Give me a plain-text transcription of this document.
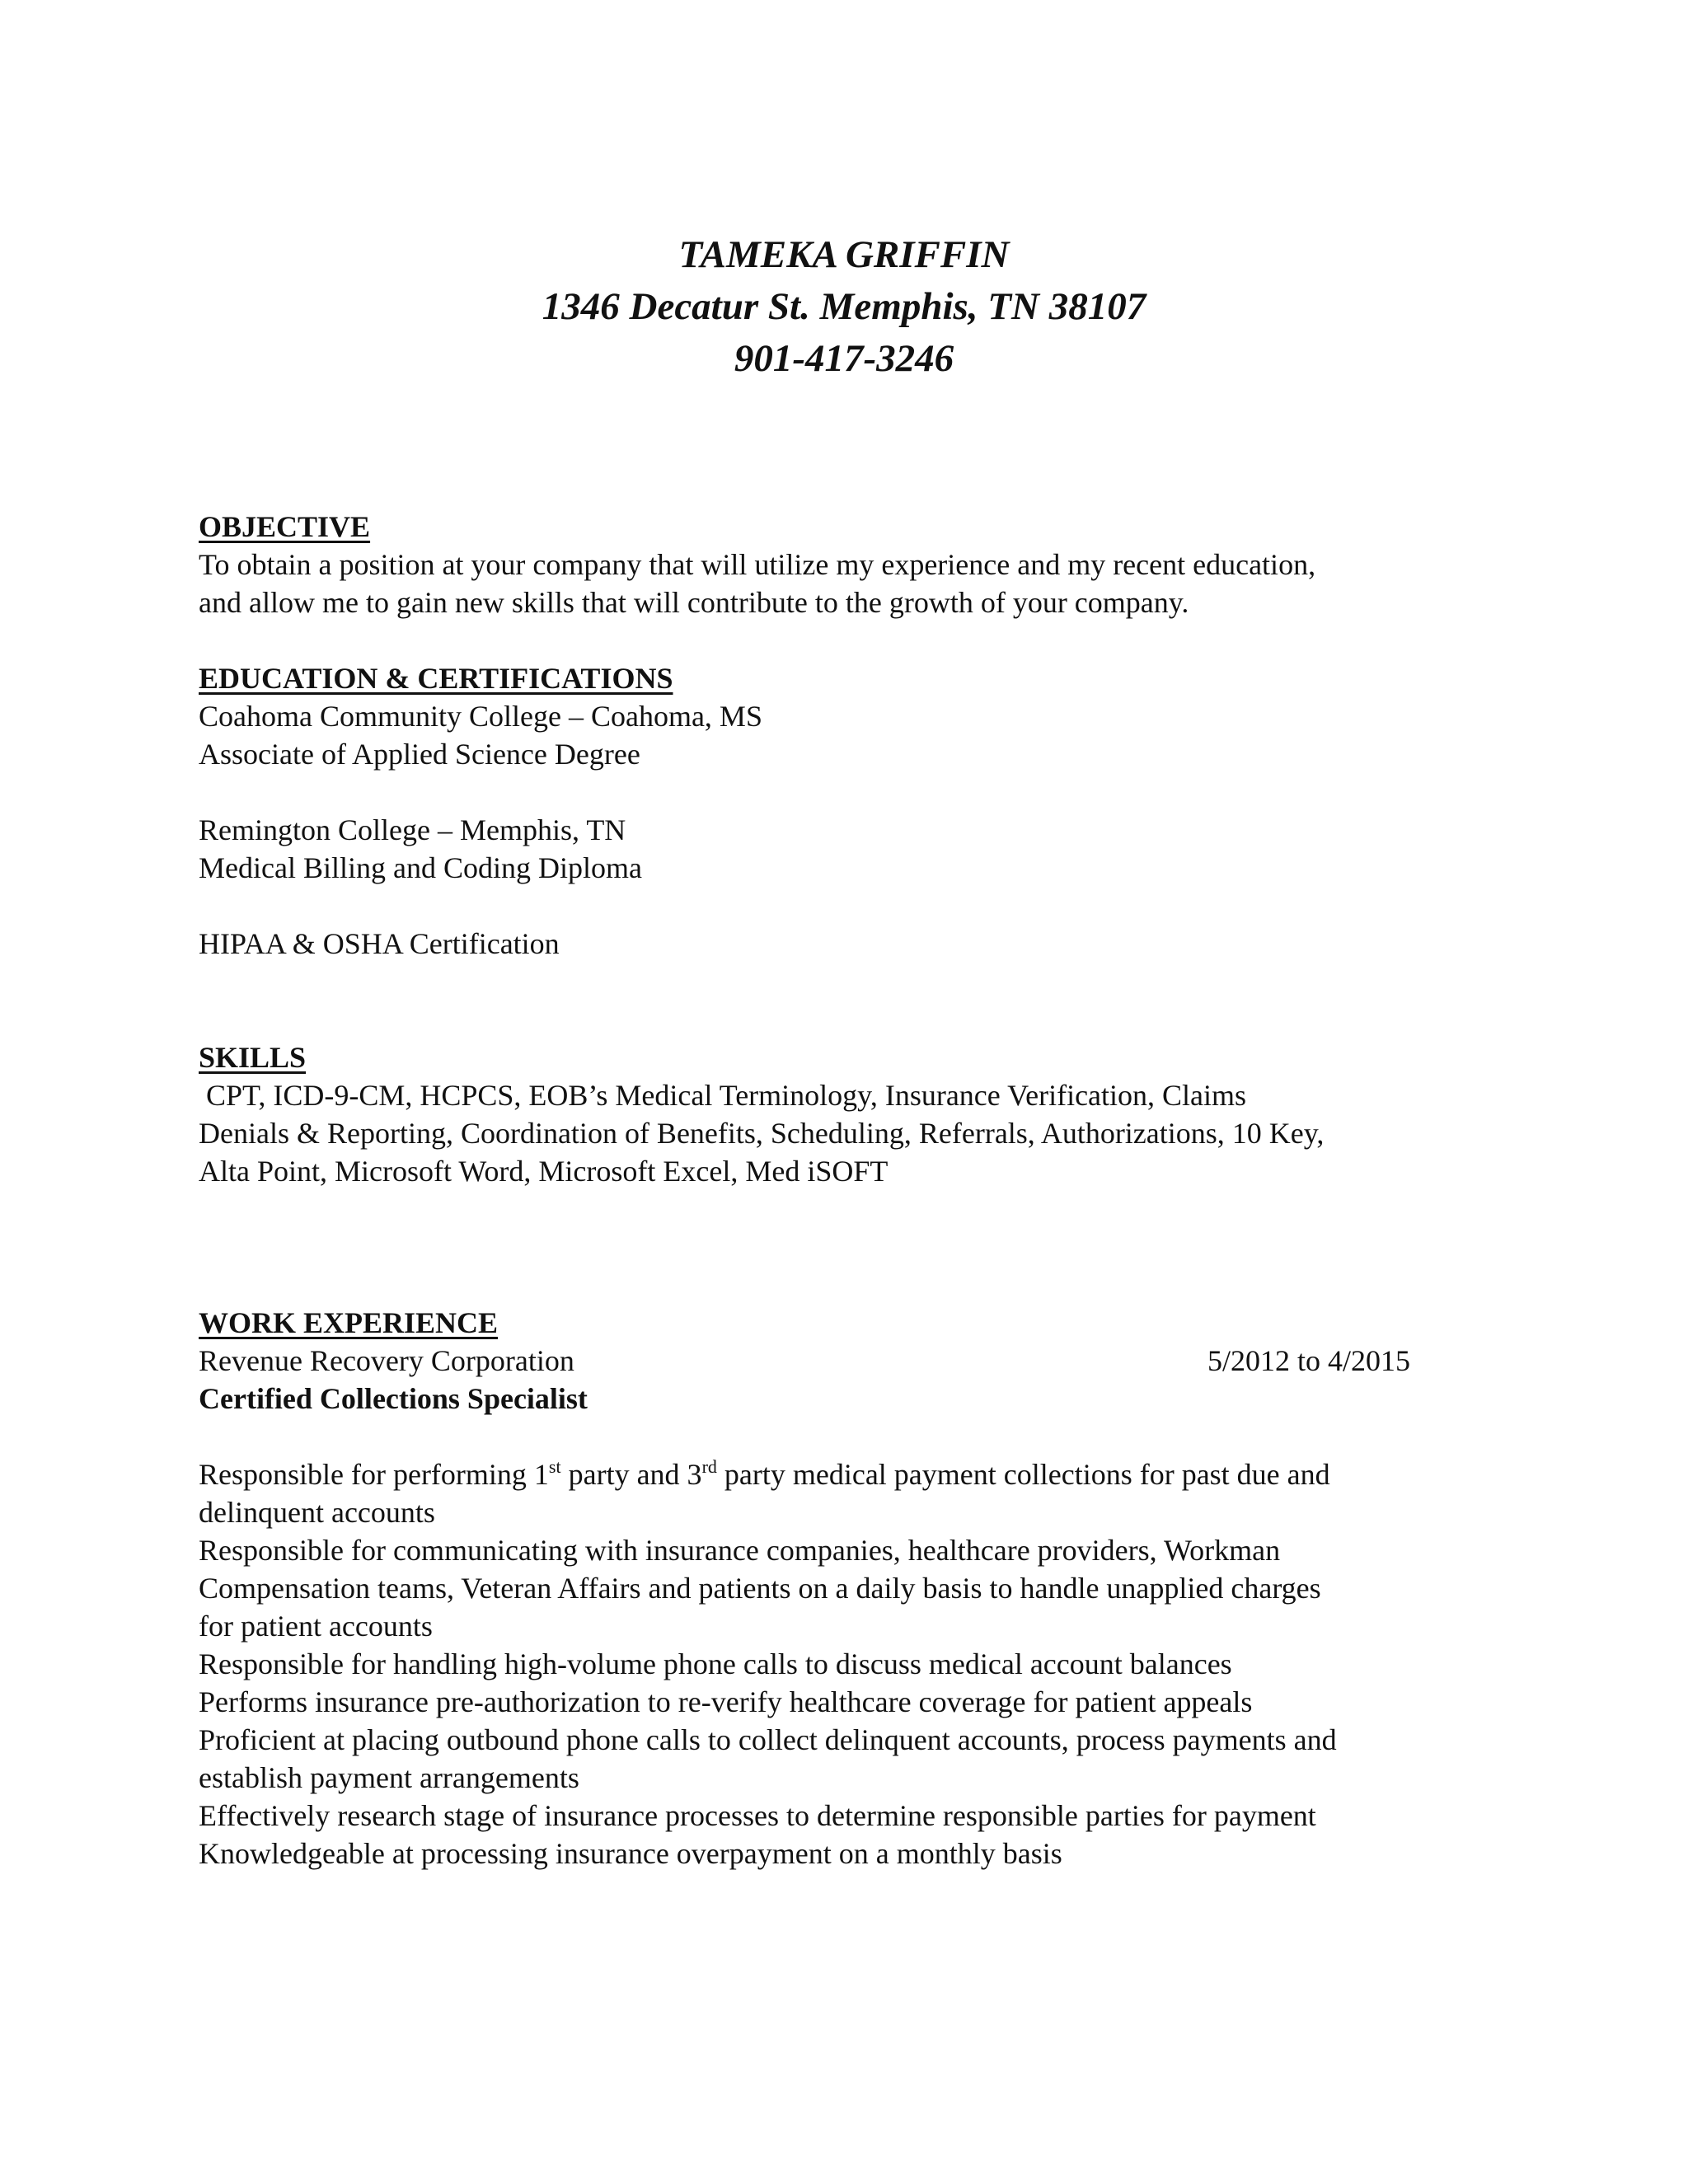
TAMEKA GRIFFIN
1346 Decatur St. Memphis, TN 38107
901-417-3246
OBJECTIVE
To obtain a position at your company that will utilize my experience and my recent education,
and allow me to gain new skills that will contribute to the growth of your company.
EDUCATION & CERTIFICATIONS
Coahoma Community College – Coahoma, MS
Associate of Applied Science Degree
Remington College – Memphis, TN
Medical Billing and Coding Diploma
HIPAA & OSHA Certification
SKILLS
CPT, ICD-9-CM, HCPCS, EOB’s Medical Terminology, Insurance Verification, Claims
Denials & Reporting, Coordination of Benefits, Scheduling, Referrals, Authorizations, 10 Key,
Alta Point, Microsoft Word, Microsoft Excel, Med iSOFT
WORK EXPERIENCE
Revenue Recovery Corporation	5/2012 to 4/2015
Certified Collections Specialist
Responsible for performing 1st party and 3rd party medical payment collections for past due and
delinquent accounts
Responsible for communicating with insurance companies, healthcare providers, Workman
Compensation teams, Veteran Affairs and patients on a daily basis to handle unapplied charges
for patient accounts
Responsible for handling high-volume phone calls to discuss medical account balances
Performs insurance pre-authorization to re-verify healthcare coverage for patient appeals
Proficient at placing outbound phone calls to collect delinquent accounts, process payments and
establish payment arrangements
Effectively research stage of insurance processes to determine responsible parties for payment
Knowledgeable at processing insurance overpayment on a monthly basis
